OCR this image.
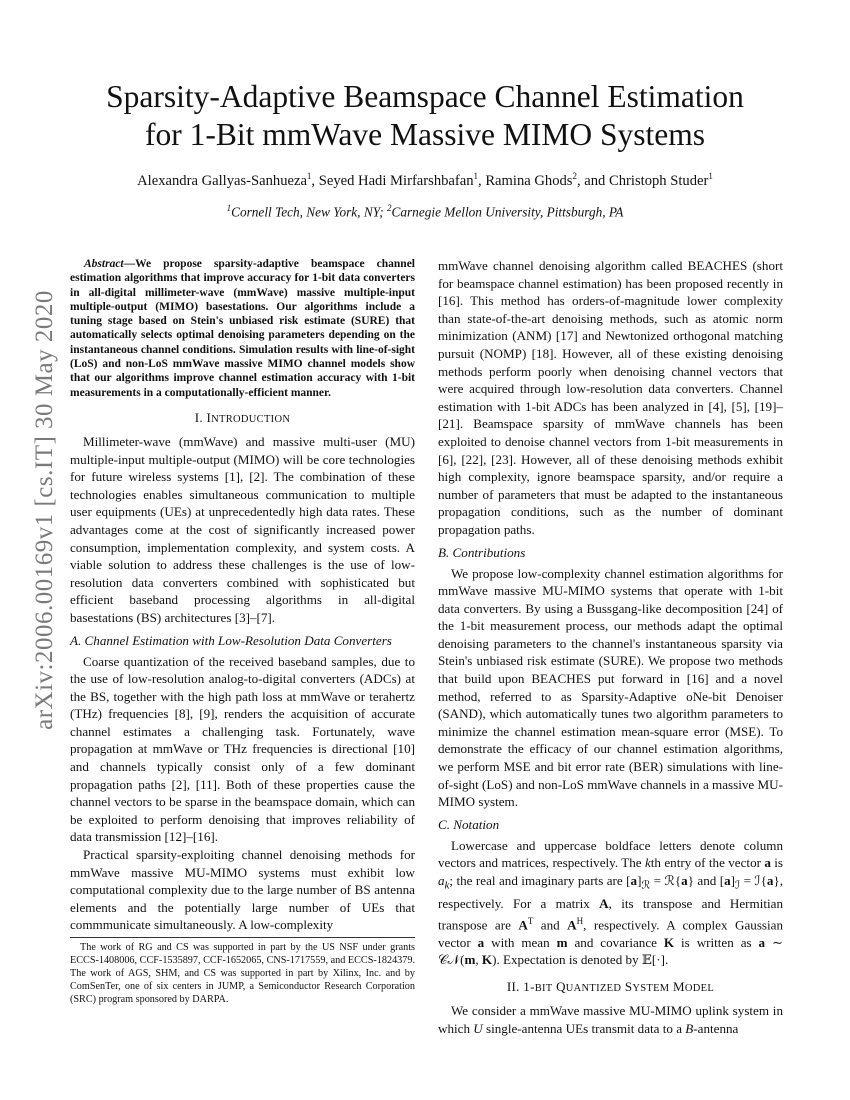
Sparsity-Adaptive Beamspace Channel Estimation
for 1-Bit mmWave Massive MIMO Systems
Alexandra Gallyas-Sanhueza$^1$, Seyed Hadi Mirfarshbafan$^1$, Ramina Ghods$^2$, and Christoph Studer$^1$
$^1$Cornell Tech, New York, NY; $^2$Carnegie Mellon University, Pittsburgh, PA
arXiv:2006.00169v1 [cs.IT] 30 May 2020

Abstract—We propose sparsity-adaptive beamspace channel estimation algorithms that improve accuracy for 1-bit data converters in all-digital millimeter-wave (mmWave) massive multiple-input multiple-output (MIMO) basestations. Our algorithms include a tuning stage based on Stein's unbiased risk estimate (SURE) that automatically selects optimal denoising parameters depending on the instantaneous channel conditions. Simulation results with line-of-sight (LoS) and non-LoS mmWave massive MIMO channel models show that our algorithms improve channel estimation accuracy with 1-bit measurements in a computationally-efficient manner.

I. INTRODUCTION

Millimeter-wave (mmWave) and massive multi-user (MU) multiple-input multiple-output (MIMO) will be core technologies for future wireless systems [1], [2]. The combination of these technologies enables simultaneous communication to multiple user equipments (UEs) at unprecedentedly high data rates. These advantages come at the cost of significantly increased power consumption, implementation complexity, and system costs. A viable solution to address these challenges is the use of low-resolution data converters combined with sophisticated but efficient baseband processing algorithms in all-digital basestations (BS) architectures [3]–[7].

A. Channel Estimation with Low-Resolution Data Converters

Coarse quantization of the received baseband samples, due to the use of low-resolution analog-to-digital converters (ADCs) at the BS, together with the high path loss at mmWave or terahertz (THz) frequencies [8], [9], renders the acquisition of accurate channel estimates a challenging task. Fortunately, wave propagation at mmWave or THz frequencies is directional [10] and channels typically consist only of a few dominant propagation paths [2], [11]. Both of these properties cause the channel vectors to be sparse in the beamspace domain, which can be exploited to perform denoising that improves reliability of data transmission [12]–[16].

Practical sparsity-exploiting channel denoising methods for mmWave massive MU-MIMO systems must exhibit low computational complexity due to the large number of BS antenna elements and the potentially large number of UEs that commmunicate simultaneously. A low-complexity

The work of RG and CS was supported in part by the US NSF under grants ECCS-1408006, CCF-1535897, CCF-1652065, CNS-1717559, and ECCS-1824379. The work of AGS, SHM, and CS was supported in part by Xilinx, Inc. and by ComSenTer, one of six centers in JUMP, a Semiconductor Research Corporation (SRC) program sponsored by DARPA.

mmWave channel denoising algorithm called BEACHES (short for beamspace channel estimation) has been proposed recently in [16]. This method has orders-of-magnitude lower complexity than state-of-the-art denoising methods, such as atomic norm minimization (ANM) [17] and Newtonized orthogonal matching pursuit (NOMP) [18]. However, all of these existing denoising methods perform poorly when denoising channel vectors that were acquired through low-resolution data converters. Channel estimation with 1-bit ADCs has been analyzed in [4], [5], [19]–[21]. Beamspace sparsity of mmWave channels has been exploited to denoise channel vectors from 1-bit measurements in [6], [22], [23]. However, all of these denoising methods exhibit high complexity, ignore beamspace sparsity, and/or require a number of parameters that must be adapted to the instantaneous propagation conditions, such as the number of dominant propagation paths.

B. Contributions

We propose low-complexity channel estimation algorithms for mmWave massive MU-MIMO systems that operate with 1-bit data converters. By using a Bussgang-like decomposition [24] of the 1-bit measurement process, our methods adapt the optimal denoising parameters to the channel's instantaneous sparsity via Stein's unbiased risk estimate (SURE). We propose two methods that build upon BEACHES put forward in [16] and a novel method, referred to as Sparsity-Adaptive oNe-bit Denoiser (SAND), which automatically tunes two algorithm parameters to minimize the channel estimation mean-square error (MSE). To demonstrate the efficacy of our channel estimation algorithms, we perform MSE and bit error rate (BER) simulations with line-of-sight (LoS) and non-LoS mmWave channels in a massive MU-MIMO system.

C. Notation

Lowercase and uppercase boldface letters denote column vectors and matrices, respectively. The kth entry of the vector a is $a_k$; the real and imaginary parts are $[a]_ℛ$ = ℛ{a} and $[a]_ℐ$ = ℐ{a}, respectively. For a matrix A, its transpose and Hermitian transpose are $A^T$ and $A^H$, respectively. A complex Gaussian vector a with mean m and covariance K is written as a ∼ 𝒞𝒩(m, K). Expectation is denoted by 𝔼[·].

II. 1-BIT QUANTIZED SYSTEM MODEL

We consider a mmWave massive MU-MIMO uplink system in which U single-antenna UEs transmit data to a B-antenna
